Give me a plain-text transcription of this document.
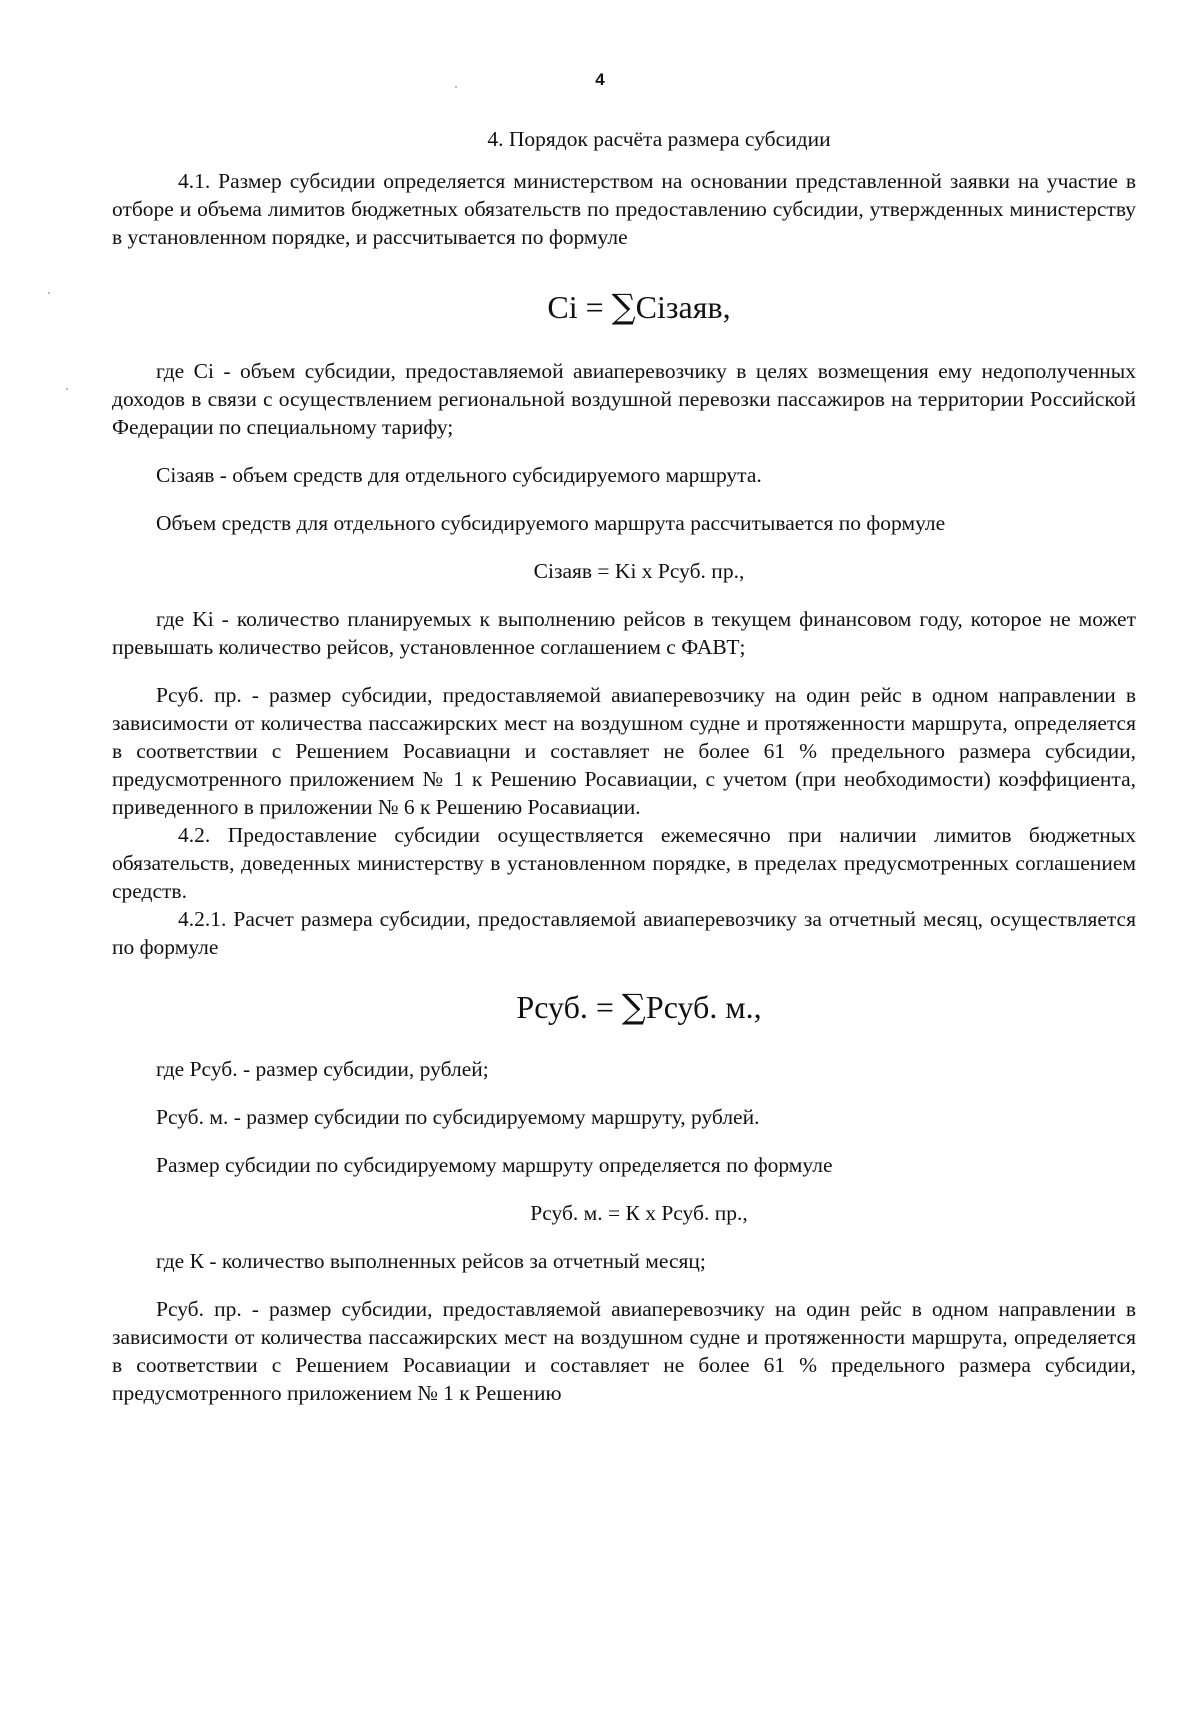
4
4. Порядок расчёта размера субсидии

4.1. Размер субсидии определяется министерством на основании представленной заявки на участие в отборе и объема лимитов бюджетных обязательств по предоставлению субсидии, утвержденных министерству в установленном порядке, и рассчитывается по формуле

Ci = ∑Ciзаяв,

где Ci - объем субсидии, предоставляемой авиаперевозчику в целях возмещения ему недополученных доходов в связи с осуществлением региональной воздушной перевозки пассажиров на территории Российской Федерации по специальному тарифу;

Ciзаяв - объем средств для отдельного субсидируемого маршрута.

Объем средств для отдельного субсидируемого маршрута рассчитывается по формуле

Ciзаяв = Ki x Рсуб. пр.,

где Ki - количество планируемых к выполнению рейсов в текущем финансовом году, которое не может превышать количество рейсов, установленное соглашением с ФАВТ;

Рсуб. пр. - размер субсидии, предоставляемой авиаперевозчику на один рейс в одном направлении в зависимости от количества пассажирских мест на воздушном судне и протяженности маршрута, определяется в соответствии с Решением Росавиацни и составляет не более 61 % предельного размера субсидии, предусмотренного приложением № 1 к Решению Росавиации, с учетом (при необходимости) коэффициента, приведенного в приложении № 6 к Решению Росавиации.

4.2. Предоставление субсидии осуществляется ежемесячно при наличии лимитов бюджетных обязательств, доведенных министерству в установленном порядке, в пределах предусмотренных соглашением средств.

4.2.1. Расчет размера субсидии, предоставляемой авиаперевозчику за отчетный месяц, осуществляется по формуле

Рсуб. = ∑Рсуб. м.,

где Рсуб. - размер субсидии, рублей;

Рсуб. м. - размер субсидии по субсидируемому маршруту, рублей.

Размер субсидии по субсидируемому маршруту определяется по формуле

Рсуб. м. = К x Рсуб. пр.,

где К - количество выполненных рейсов за отчетный месяц;

Рсуб. пр. - размер субсидии, предоставляемой авиаперевозчику на один рейс в одном направлении в зависимости от количества пассажирских мест на воздушном судне и протяженности маршрута, определяется в соответствии с Решением Росавиации и составляет не более 61 % предельного размера субсидии, предусмотренного приложением № 1 к Решению
